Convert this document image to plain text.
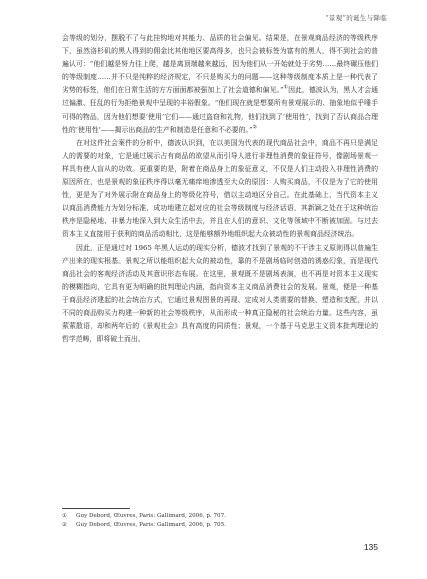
“景观”的诞生与降临

会等级的划分，摆脱不了与此挂钩地对其能力、品质的社会偏见。结果是，在景观商品经济的等级秩序下，虽然洛杉矶的黑人得到的佣金比其他地区要高得多，也只会被标签为富有的黑人，得不到社会的普遍认可：“他们越是努力往上爬，越是离顶端越来越远，因为他们从一开始就处于劣势……最终碾压他们的等级制度……并不只是纯粹的经济规定，不只是购买力的问题——这种等级制度本质上是一种代表了劣势的标签，他们在日常生活的方方面面都被强加上了社会道德和偏见。”①因此，德波认为，黑人才会通过偏激、狂乱的行为拒绝景观中呈现的丰裕假象。“他们现在就是想要所有景观展示的、抽象地似乎唾手可得的物品，因为他们想要‘使用’它们——通过盗窃和礼物，他们找到了‘使用性’，找到了否认商品合理性的‘使用性’——揭示出商品的生产和制造是任意和不必要的。”②

在对这件社会案件的分析中，德波认识到，在以美国为代表的现代商品社会中，商品不再只是满足人的需要的对象，它是通过展示占有商品的欲望从而引导人进行非理性消费的象征符号，像剧场景观一样具有使人盲从的功效。更重要的是，附着在商品身上的象征意义，不仅是人们主动投入非理性消费的原因所在，也是景观的象征秩序得以毫无痛痒地渗透至大众的原因：人购买商品，不仅是为了它的使用性，更是为了对外展示附在商品身上的等级化符号，借以主动地区分自己。在此基础上，当代资本主义以商品消费能力为划分标准，成功地建立起对应的社会等级制度与经济话语，其新颖之处在于这种统治秩序是隐秘地、非暴力地深入到大众生活中去，并且在人们的意识、文化等领域中不断被加固。与过去资本主义直接用于获利的商品活动相比，这是能够额外地组织起大众被动性的景观商品经济统治。

因此，正是通过对 1965 年黑人运动的现实分析，德波才找到了景观的不干涉主义原则得以普遍生产出来的现实根基。景观之所以能组织起大众的被动性，靠的不是剧场临时创造的诱惑幻象，而是现代商品社会的客观经济活动及其意识形态布展。在这里，景观既不是剧场表演，也不再是对资本主义现实的模糊指向，它具有更为明确的批判理论内涵，指向资本主义商品消费社会的发展。景观，便是一种基于商品经济建起的社会统治方式，它通过景观图景的再现、定成对人类需要的替换、塑造和支配，并以不同的商品购买力构建一种新的社会等级秩序，从而形成一种真正隐秘的社会统治力量。这些内容，虽萦萦散语，却和两年后的《景观社会》具有高度的同质性；景观，一个基于马克思主义资本批判理论的哲学范畴，即将破土而出。

①	Guy Debord, Œuvres, Paris: Gallimard, 2006, p. 707.
②	Guy Debord, Œuvres, Paris: Gallimard, 2006, p. 705.
135
